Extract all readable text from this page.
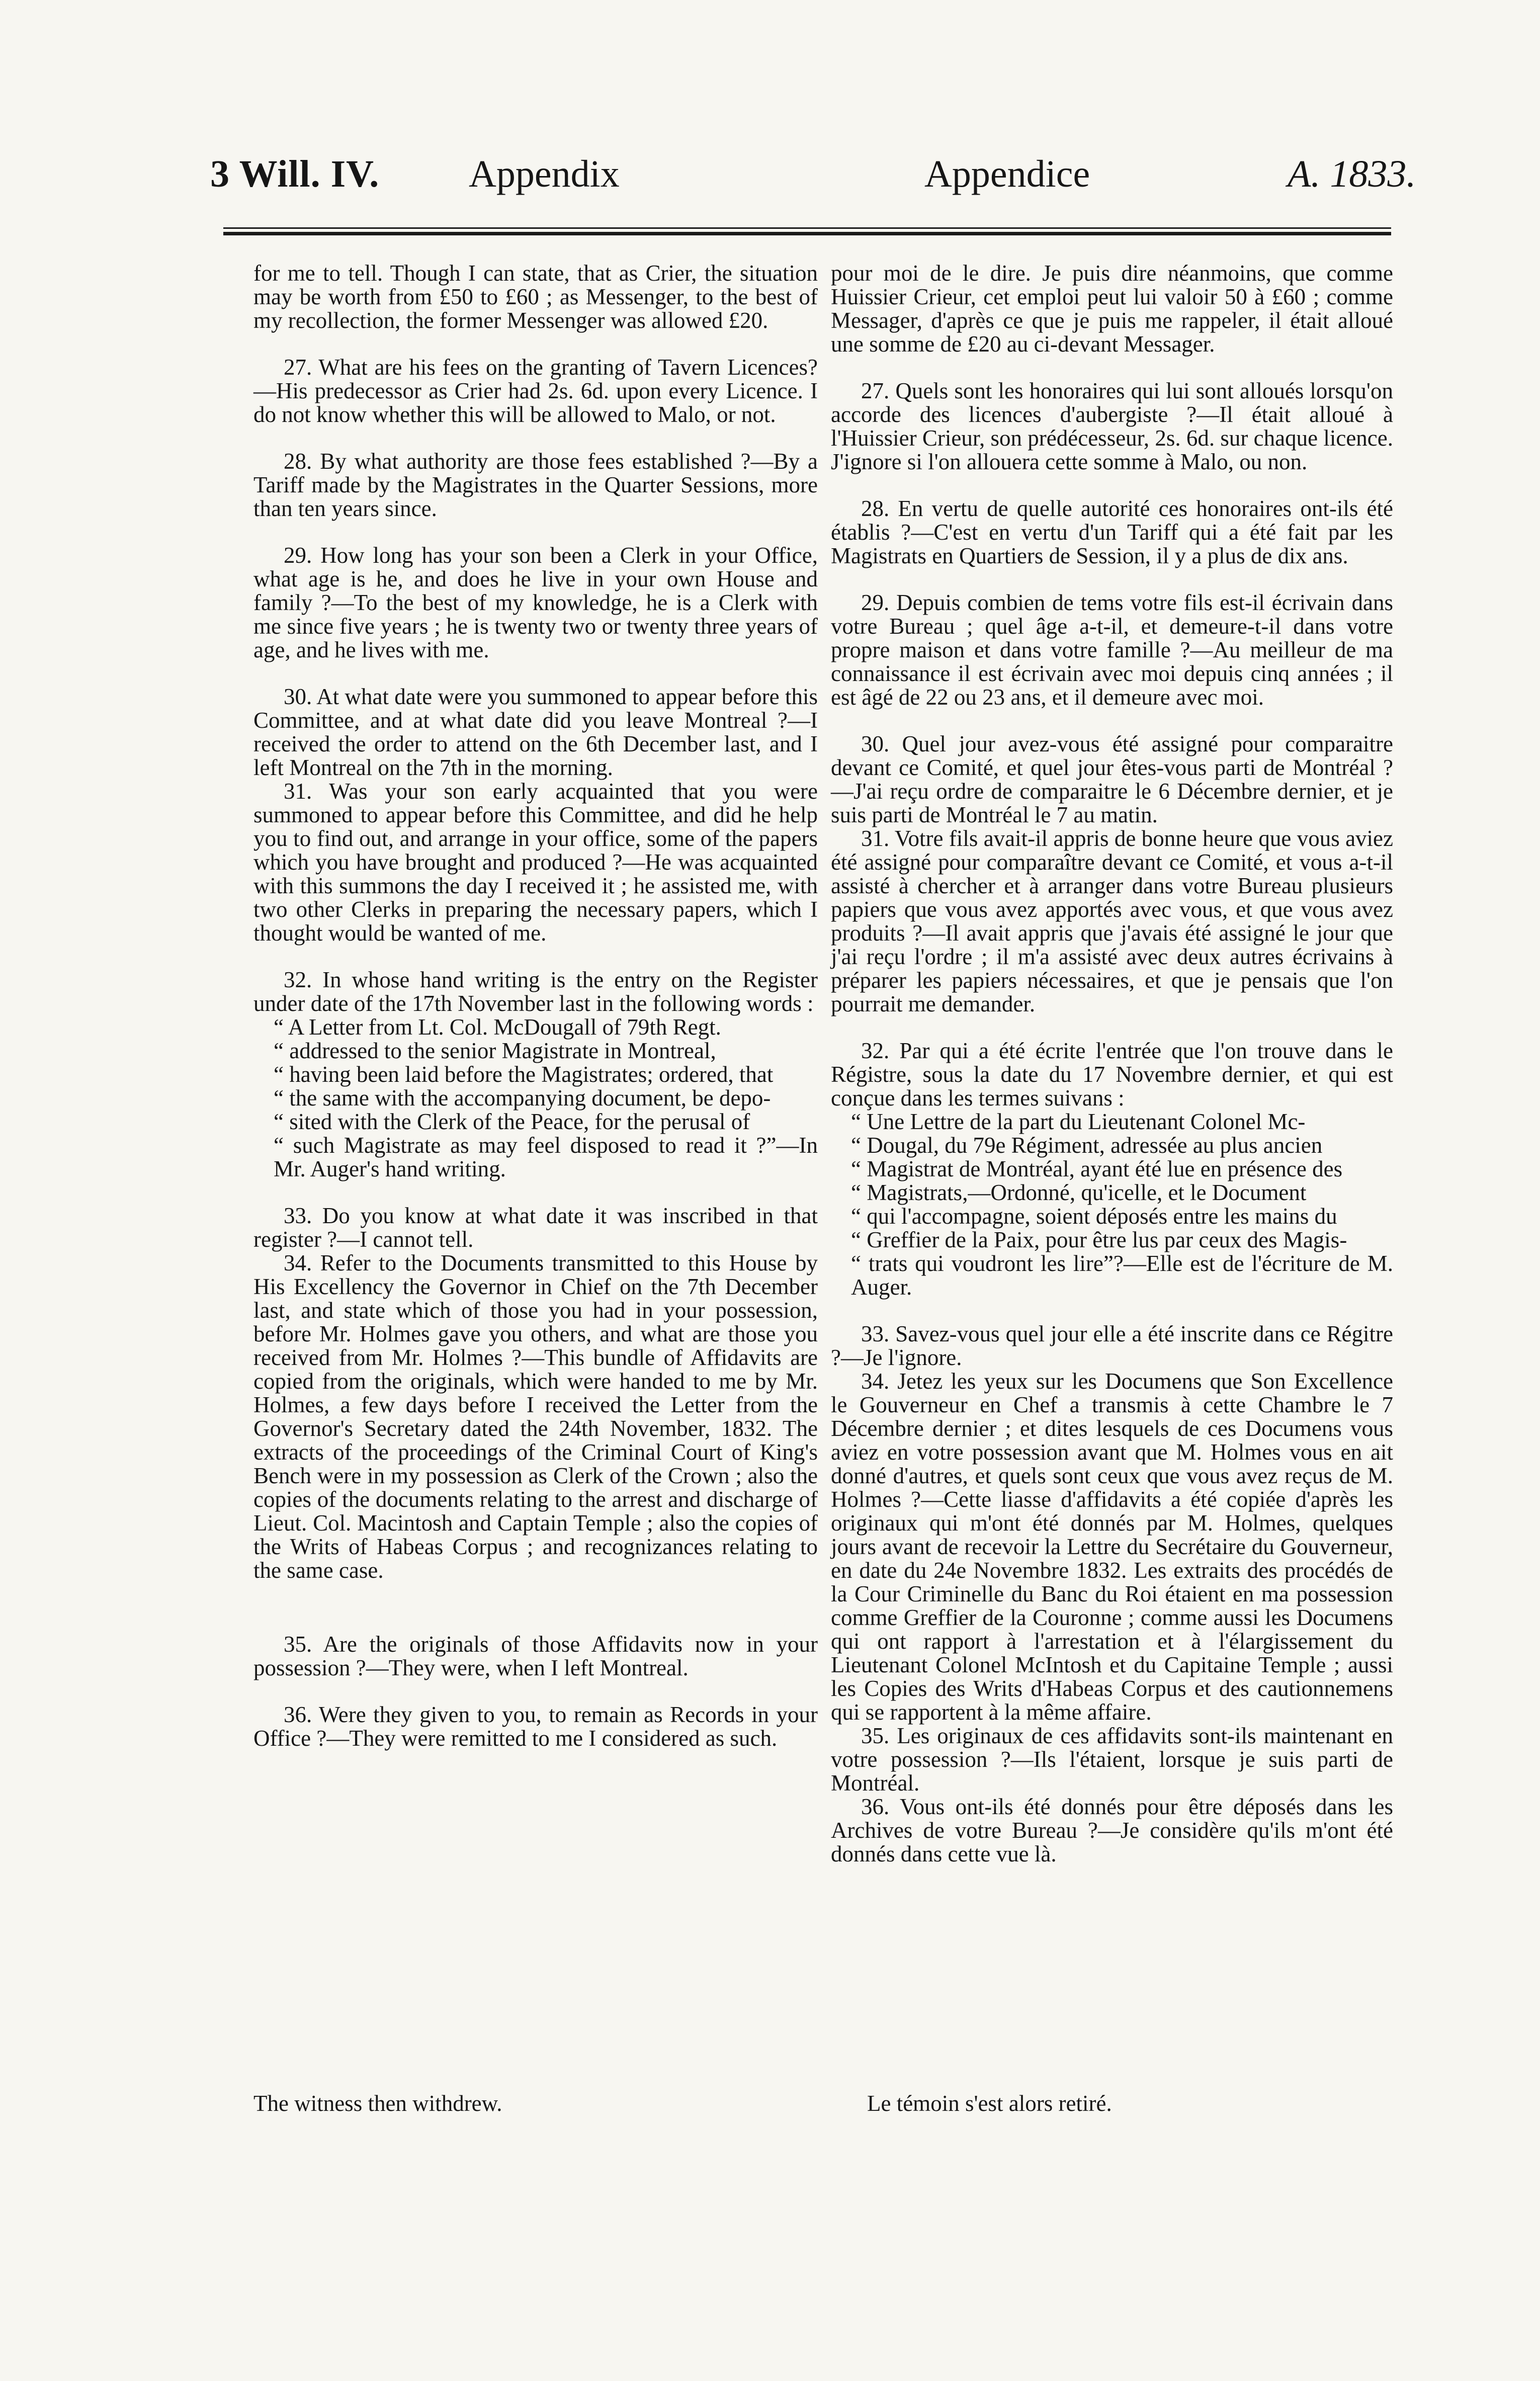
3 Will. IV. Appendix	Appendice	A. 1833.

for me to tell. Though I can state, that as Crier, the situation may be worth from £50 to £60 ; as Messenger, to the best of my recollection, the former Messenger was allowed £20.

27. What are his fees on the granting of Tavern Licences?—His predecessor as Crier had 2s. 6d. upon every Licence. I do not know whether this will be allowed to Malo, or not.

28. By what authority are those fees established ?—By a Tariff made by the Magistrates in the Quarter Sessions, more than ten years since.

29. How long has your son been a Clerk in your Office, what age is he, and does he live in your own House and family ?—To the best of my knowledge, he is a Clerk with me since five years ; he is twenty two or twenty three years of age, and he lives with me.

30. At what date were you summoned to appear before this Committee, and at what date did you leave Montreal ?—I received the order to attend on the 6th December last, and I left Montreal on the 7th in the morning.

31. Was your son early acquainted that you were summoned to appear before this Committee, and did he help you to find out, and arrange in your office, some of the papers which you have brought and produced ?—He was acquainted with this summons the day I received it ; he assisted me, with two other Clerks in preparing the necessary papers, which I thought would be wanted of me.

32. In whose hand writing is the entry on the Register under date of the 17th November last in the following words :

“ A Letter from Lt. Col. McDougall of 79th Regt.

“ addressed to the senior Magistrate in Montreal,

“ having been laid before the Magistrates; ordered, that

“ the same with the accompanying document, be depo-

“ sited with the Clerk of the Peace, for the perusal of

“ such Magistrate as may feel disposed to read it ?”—In Mr. Auger's hand writing.

33. Do you know at what date it was inscribed in that register ?—I cannot tell.

34. Refer to the Documents transmitted to this House by His Excellency the Governor in Chief on the 7th December last, and state which of those you had in your possession, before Mr. Holmes gave you others, and what are those you received from Mr. Holmes ?—This bundle of Affidavits are copied from the originals, which were handed to me by Mr. Holmes, a few days before I received the Letter from the Governor's Secretary dated the 24th November, 1832. The extracts of the proceedings of the Criminal Court of King's Bench were in my possession as Clerk of the Crown ; also the copies of the documents relating to the arrest and discharge of Lieut. Col. Macintosh and Captain Temple ; also the copies of the Writs of Habeas Corpus ; and recognizances relating to the same case.

35. Are the originals of those Affidavits now in your possession ?—They were, when I left Montreal.

36. Were they given to you, to remain as Records in your Office ?—They were remitted to me I considered as such.

pour moi de le dire. Je puis dire néanmoins, que comme Huissier Crieur, cet emploi peut lui valoir 50 à £60 ; comme Messager, d'après ce que je puis me rappeler, il était alloué une somme de £20 au ci-devant Messager.

27. Quels sont les honoraires qui lui sont alloués lorsqu'on accorde des licences d'aubergiste ?—Il était alloué à l'Huissier Crieur, son prédécesseur, 2s. 6d. sur chaque licence. J'ignore si l'on allouera cette somme à Malo, ou non.

28. En vertu de quelle autorité ces honoraires ont-ils été établis ?—C'est en vertu d'un Tariff qui a été fait par les Magistrats en Quartiers de Session, il y a plus de dix ans.

29. Depuis combien de tems votre fils est-il écrivain dans votre Bureau ; quel âge a-t-il, et demeure-t-il dans votre propre maison et dans votre famille ?—Au meilleur de ma connaissance il est écrivain avec moi depuis cinq années ; il est âgé de 22 ou 23 ans, et il demeure avec moi.

30. Quel jour avez-vous été assigné pour comparaitre devant ce Comité, et quel jour êtes-vous parti de Montréal ?—J'ai reçu ordre de comparaitre le 6 Décembre dernier, et je suis parti de Montréal le 7 au matin.

31. Votre fils avait-il appris de bonne heure que vous aviez été assigné pour comparaître devant ce Comité, et vous a-t-il assisté à chercher et à arranger dans votre Bureau plusieurs papiers que vous avez apportés avec vous, et que vous avez produits ?—Il avait appris que j'avais été assigné le jour que j'ai reçu l'ordre ; il m'a assisté avec deux autres écrivains à préparer les papiers nécessaires, et que je pensais que l'on pourrait me demander.

32. Par qui a été écrite l'entrée que l'on trouve dans le Régistre, sous la date du 17 Novembre dernier, et qui est conçue dans les termes suivans :

“ Une Lettre de la part du Lieutenant Colonel Mc-

“ Dougal, du 79e Régiment, adressée au plus ancien

“ Magistrat de Montréal, ayant été lue en présence des

“ Magistrats,—Ordonné, qu'icelle, et le Document

“ qui l'accompagne, soient déposés entre les mains du

“ Greffier de la Paix, pour être lus par ceux des Magis-

“ trats qui voudront les lire”?—Elle est de l'écriture de M. Auger.

33. Savez-vous quel jour elle a été inscrite dans ce Régitre ?—Je l'ignore.

34. Jetez les yeux sur les Documens que Son Excellence le Gouverneur en Chef a transmis à cette Chambre le 7 Décembre dernier ; et dites lesquels de ces Documens vous aviez en votre possession avant que M. Holmes vous en ait donné d'autres, et quels sont ceux que vous avez reçus de M. Holmes ?—Cette liasse d'affidavits a été copiée d'après les originaux qui m'ont été donnés par M. Holmes, quelques jours avant de recevoir la Lettre du Secrétaire du Gouverneur, en date du 24e Novembre 1832. Les extraits des procédés de la Cour Criminelle du Banc du Roi étaient en ma possession comme Greffier de la Couronne ; comme aussi les Documens qui ont rapport à l'arrestation et à l'élargissement du Lieutenant Colonel McIntosh et du Capitaine Temple ; aussi les Copies des Writs d'Habeas Corpus et des cautionnemens qui se rapportent à la même affaire.

35. Les originaux de ces affidavits sont-ils maintenant en votre possession ?—Ils l'étaient, lorsque je suis parti de Montréal.

36. Vous ont-ils été donnés pour être déposés dans les Archives de votre Bureau ?—Je considère qu'ils m'ont été donnés dans cette vue là.

The witness then withdrew.	Le témoin s'est alors retiré.
